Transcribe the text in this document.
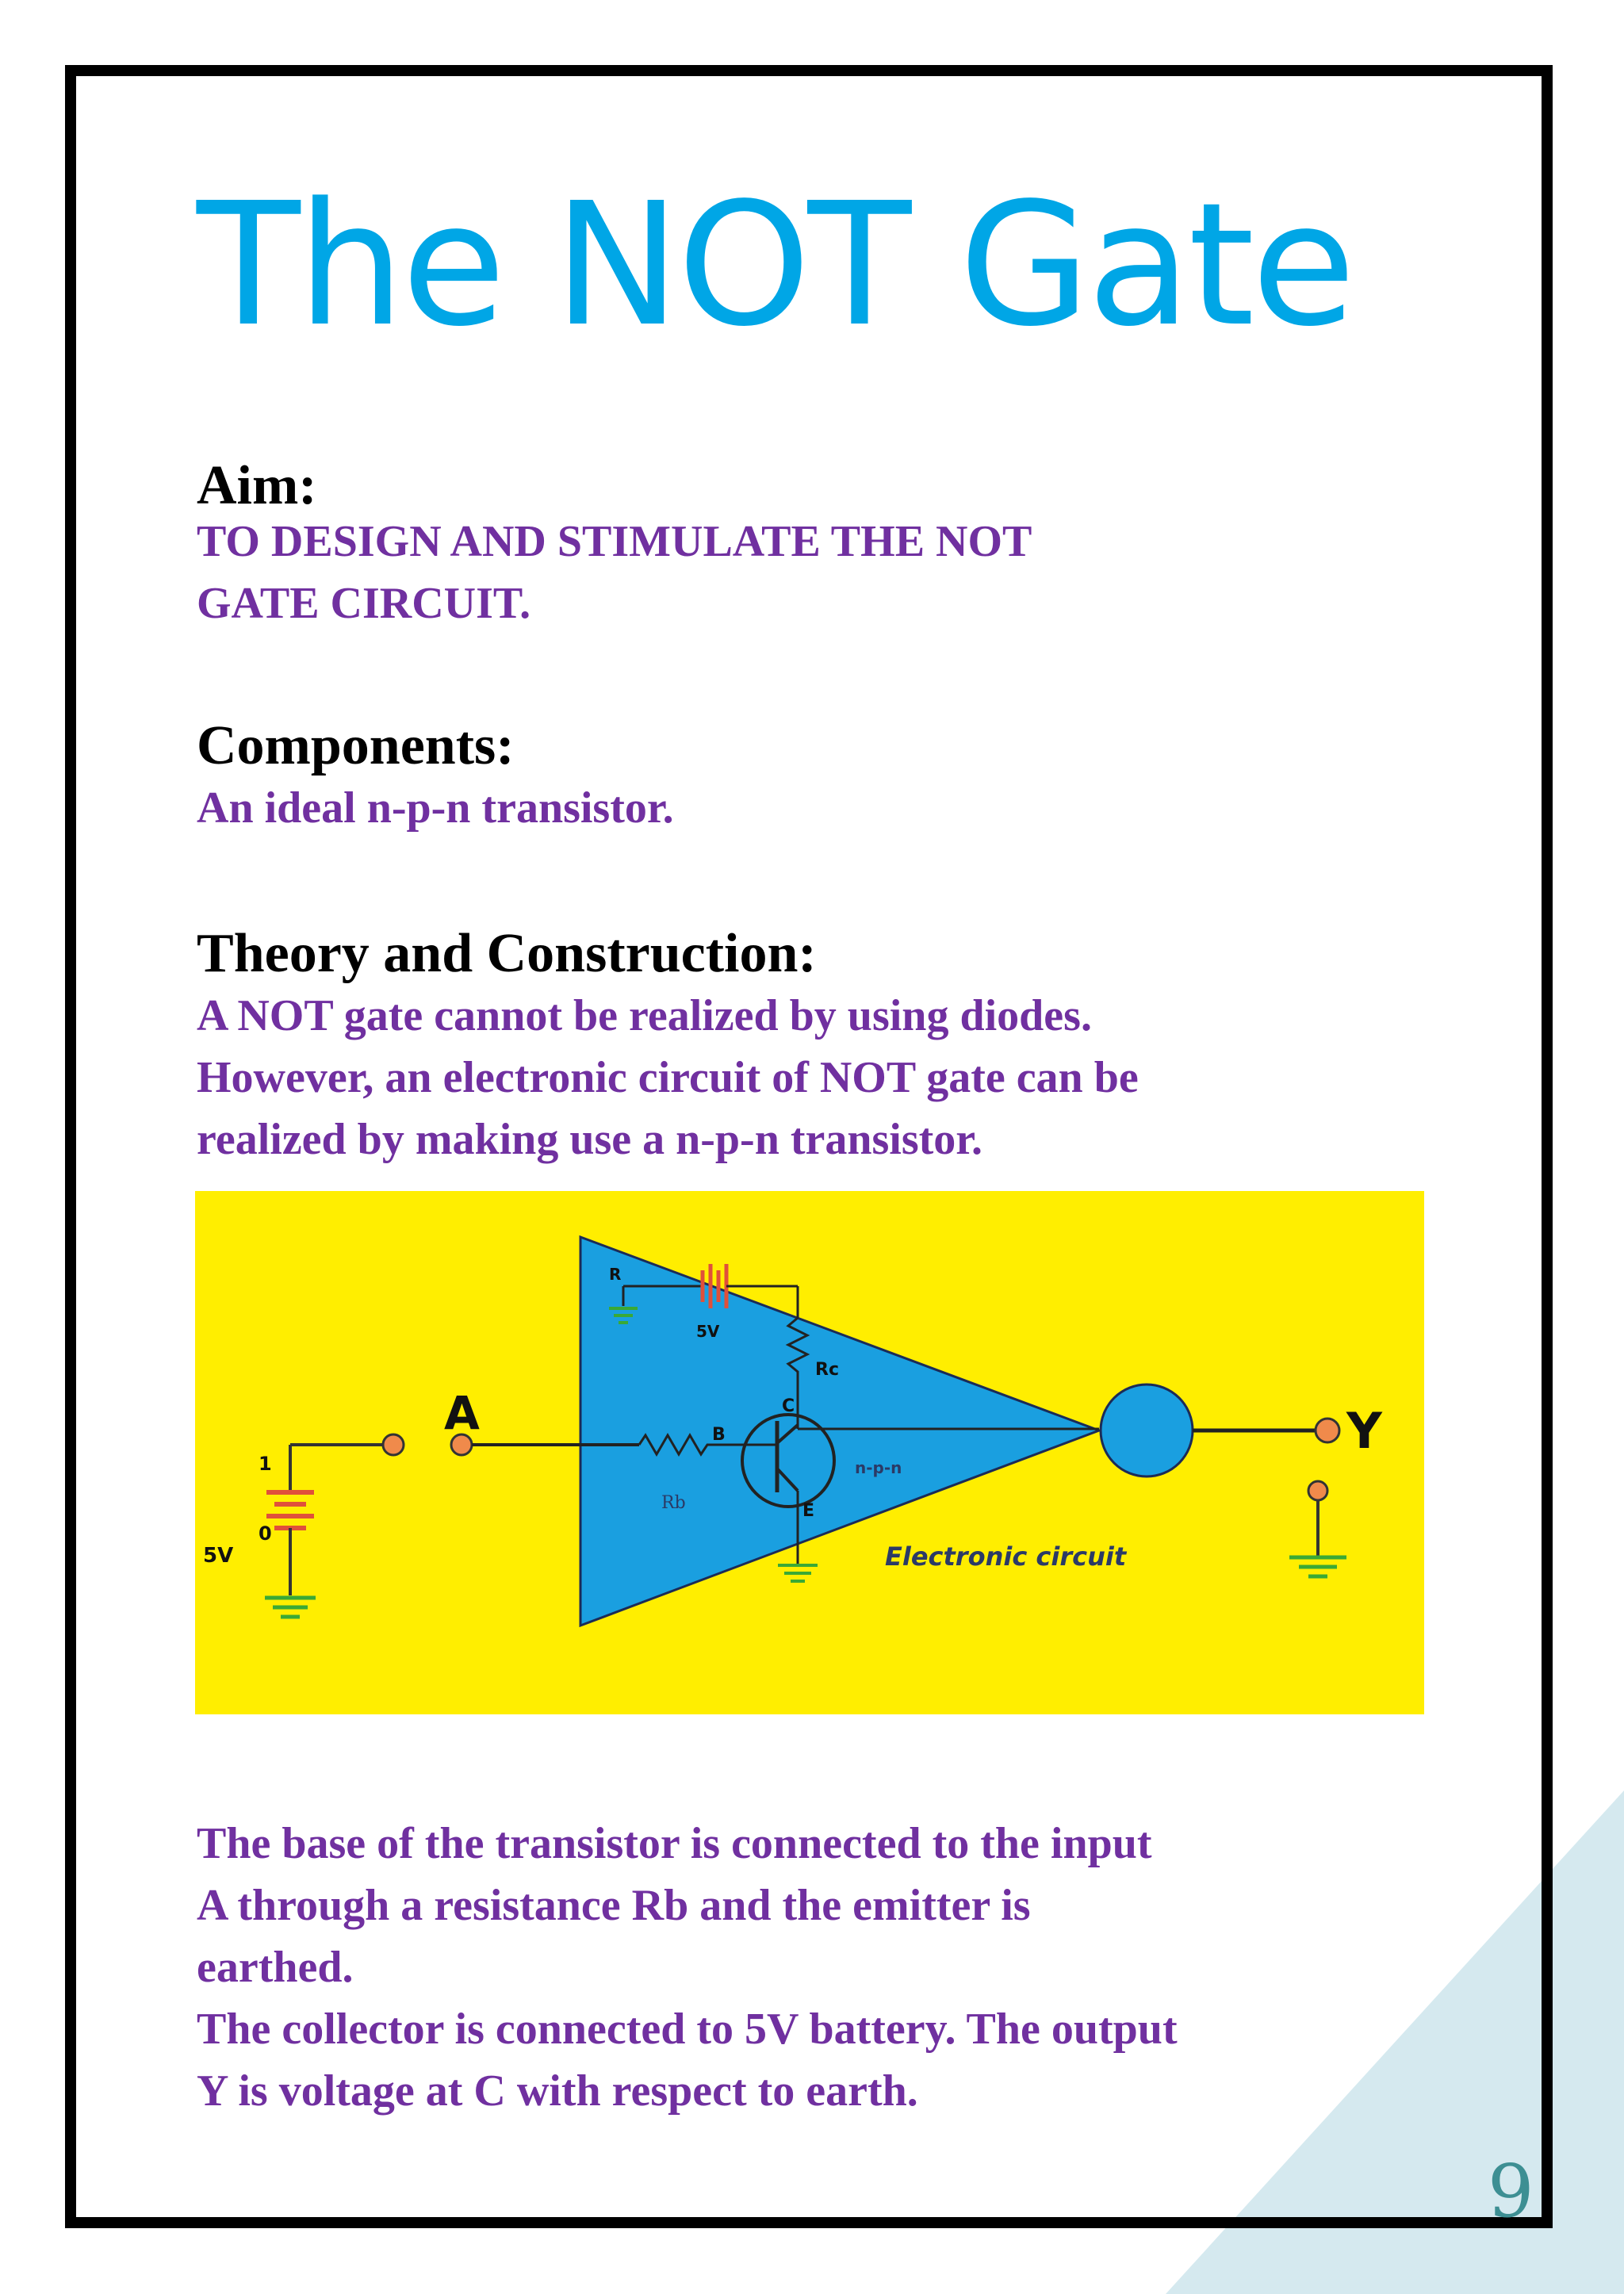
The NOT Gate
Aim:
TO DESIGN AND STIMULATE THE NOT
GATE CIRCUIT.
Components:
An ideal n-p-n transistor.
Theory and Construction:
A NOT gate cannot be realized by using diodes.
However, an electronic circuit of NOT gate can be
realized by making use a n-p-n transistor.
A
1
5V
0
R
5V
Rc
C
B
E
Rb
n-p-n
Electronic circuit
Y
The base of the transistor is connected to the input
A through a resistance Rb and the emitter is
earthed.
The collector is connected to 5V battery. The output
Y is voltage at C with respect to earth.
9
